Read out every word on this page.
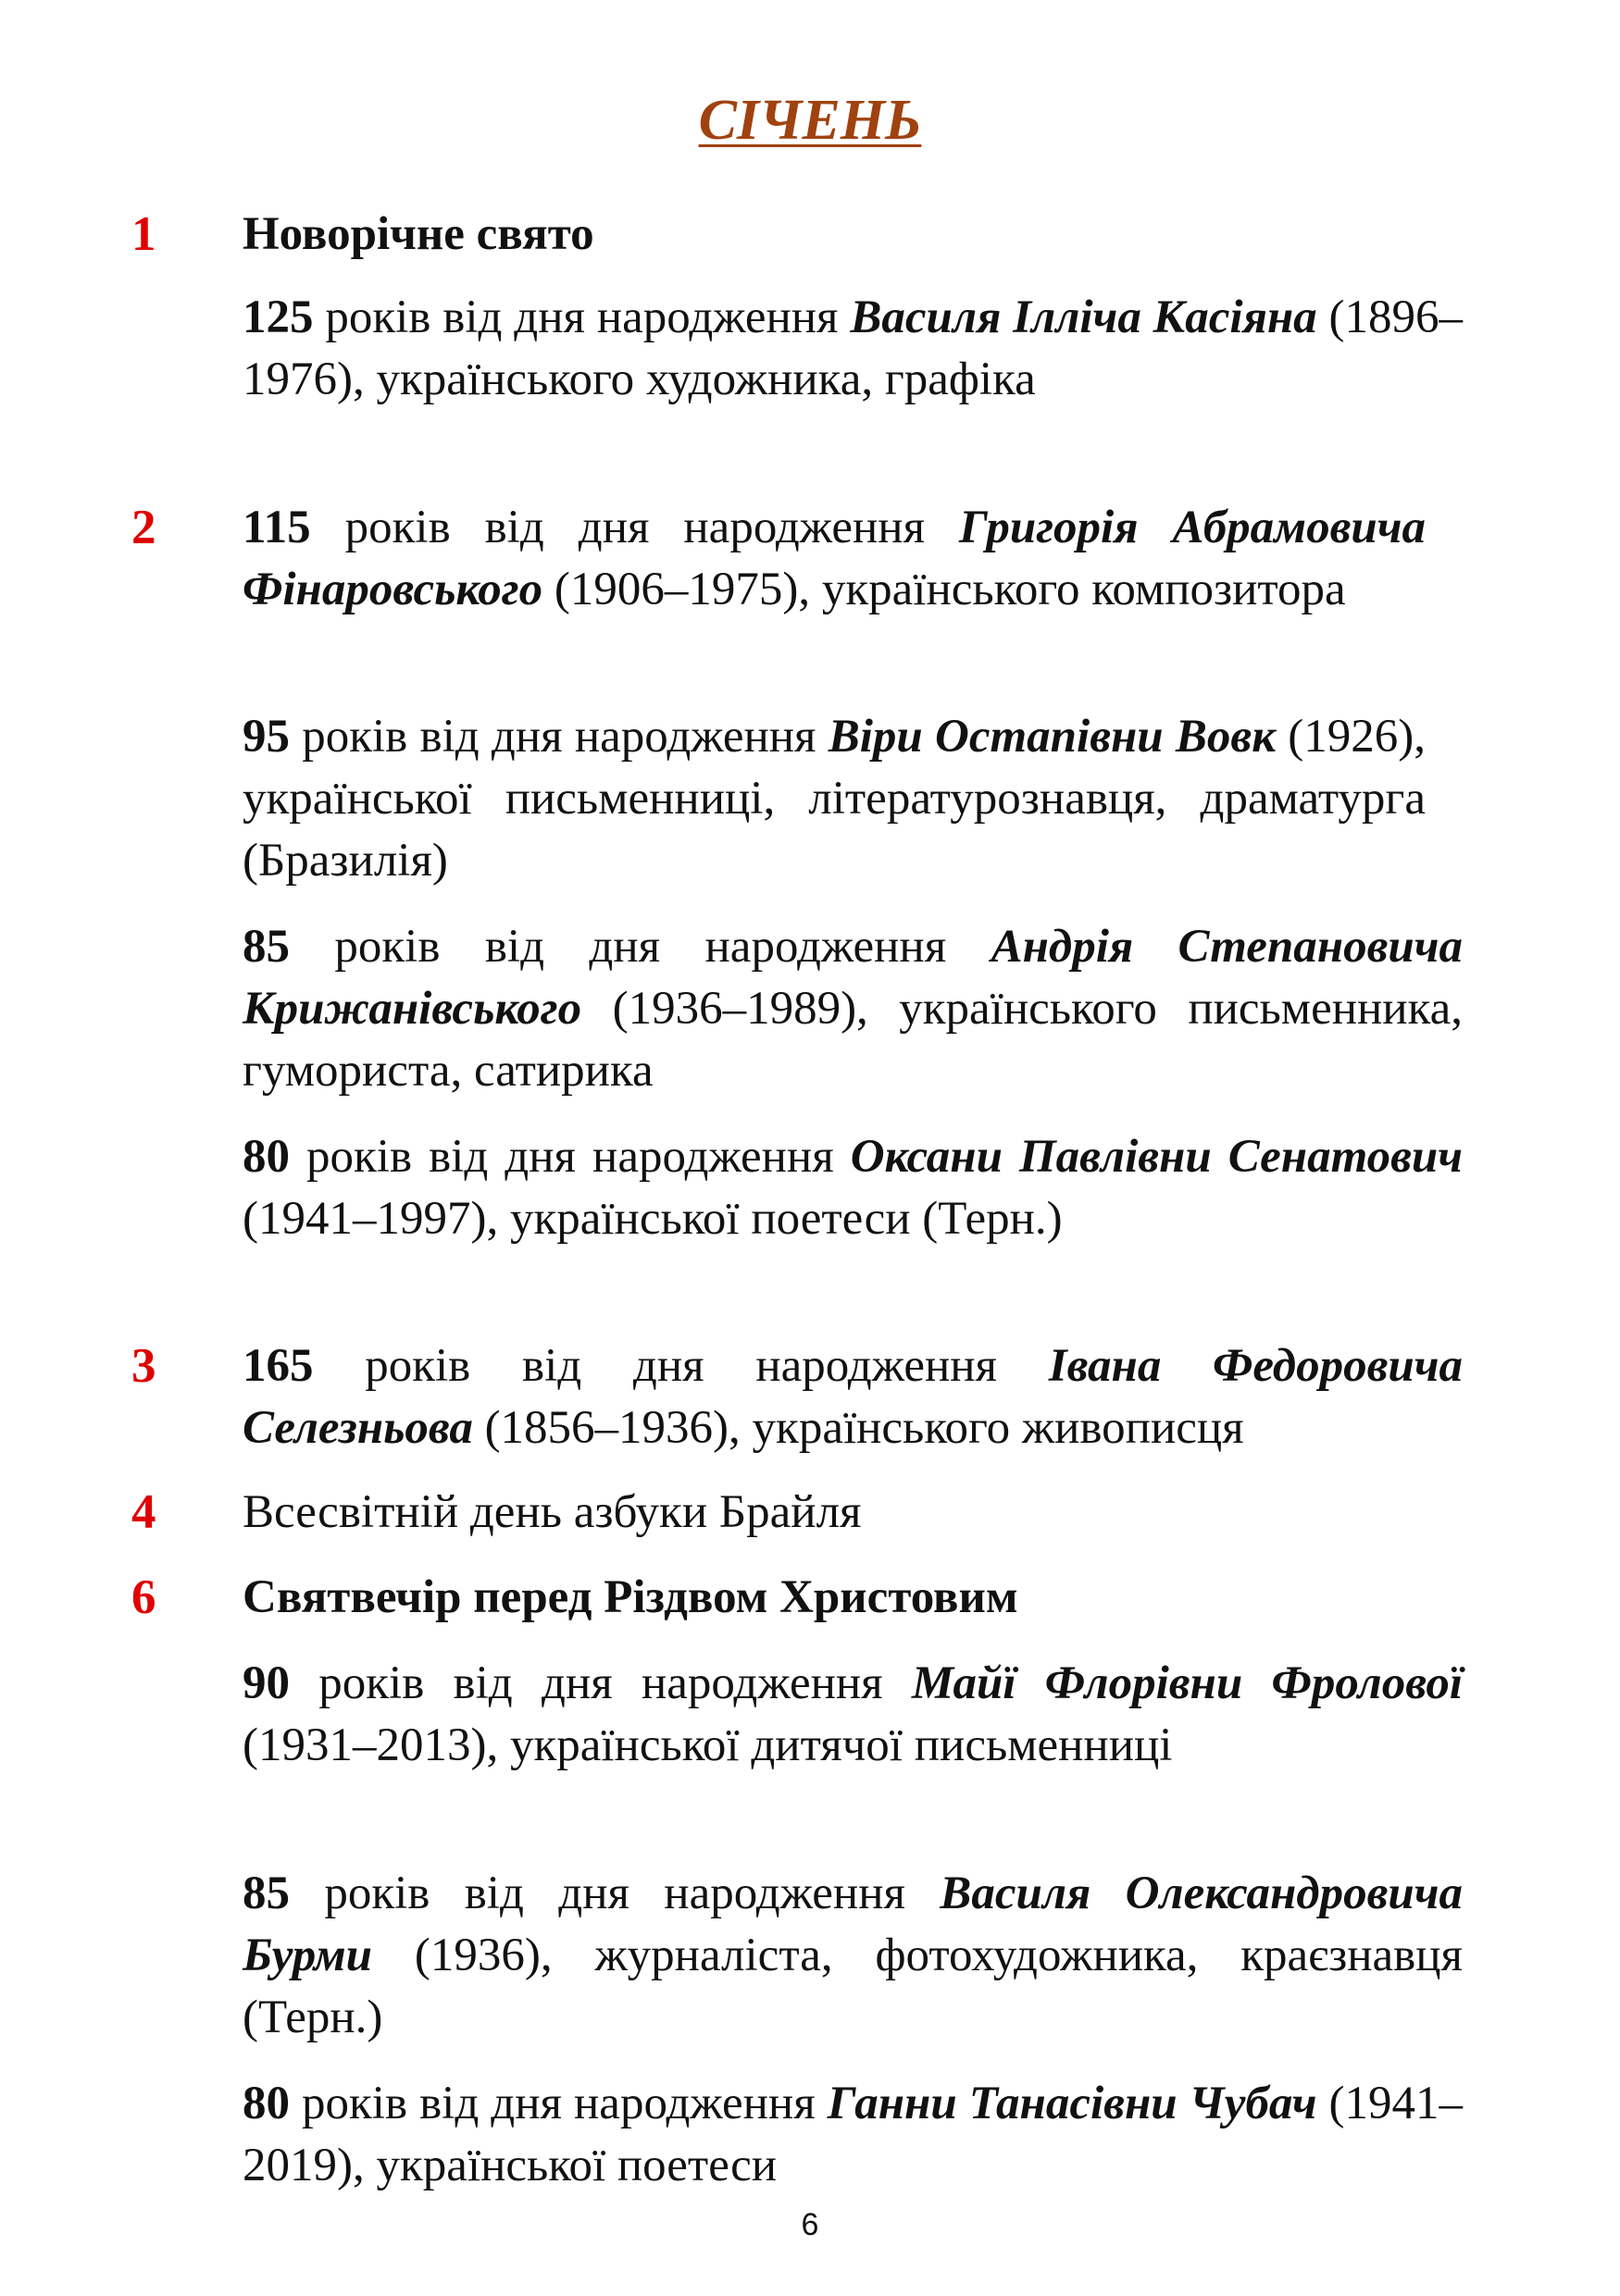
СІЧЕНЬ
1	Новорічне свято
125 років від дня народження Василя Ілліча Касіяна (1896–1976), українського художника, графіка
2	115 років від дня народження Григорія Абрамовича Фінаровського (1906–1975), українського композитора
95 років від дня народження Віри Остапівни Вовк (1926), української письменниці, літературознавця, драматурга (Бразилія)
85 років від дня народження Андрія Степановича Крижанівського (1936–1989), українського письменника, гумориста, сатирика
80 років від дня народження Оксани Павлівни Сенатович (1941–1997), української поетеси (Терн.)
3	165 років від дня народження Івана Федоровича Селезньова (1856–1936), українського живописця
4	Всесвітній день азбуки Брайля
6	Святвечір перед Різдвом Христовим
90 років від дня народження Майї Флорівни Фролової (1931–2013), української дитячої письменниці
85 років від дня народження Василя Олександровича Бурми (1936), журналіста, фотохудожника, краєзнавця (Терн.)
80 років від дня народження Ганни Танасівни Чубач (1941–2019), української поетеси
6
